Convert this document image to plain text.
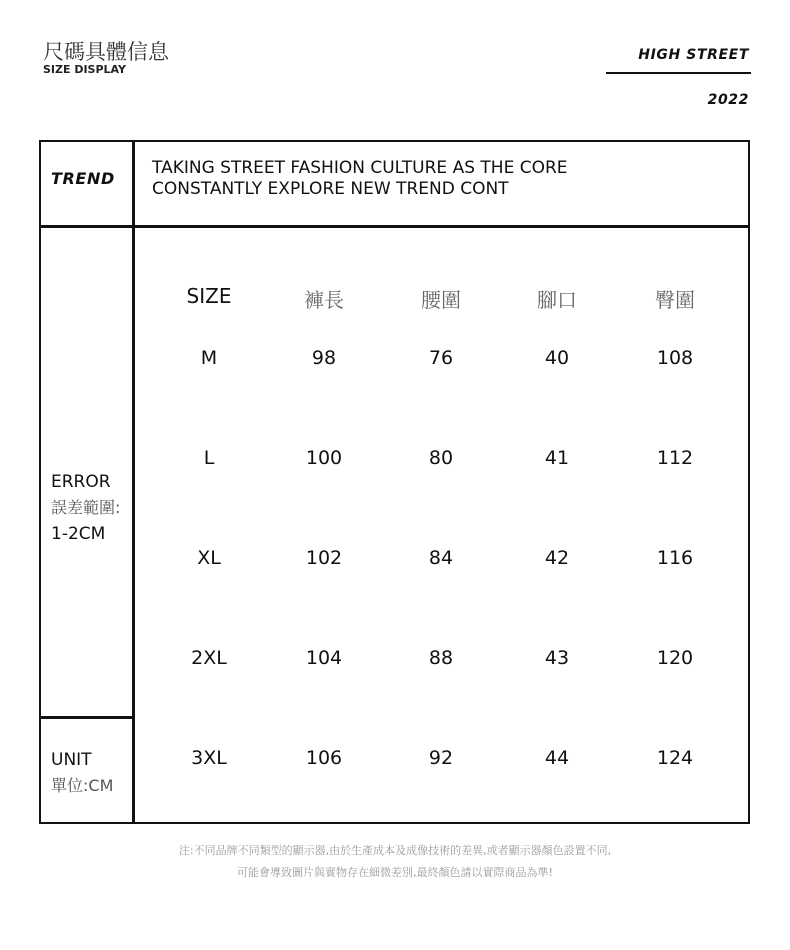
尺碼具體信息
SIZE DISPLAY
HIGH STREET
2022
TREND
TAKING STREET FASHION CULTURE AS THE CORE
CONSTANTLY EXPLORE NEW TREND CONT
ERROR
誤差範圍:
1-2CM
UNIT
單位:CM
SIZE	褲長	腰圍	腳口	臀圍
M	98	76	40	108
L	100	80	41	112
XL	102	84	42	116
2XL	104	88	43	120
3XL	106	92	44	124
注:不同品牌不同類型的顯示器,由於生產成本及成像技術的差異,或者顯示器顏色設置不同,
可能會導致圖片與實物存在細微差別,最終顏色請以實際商品為準!
